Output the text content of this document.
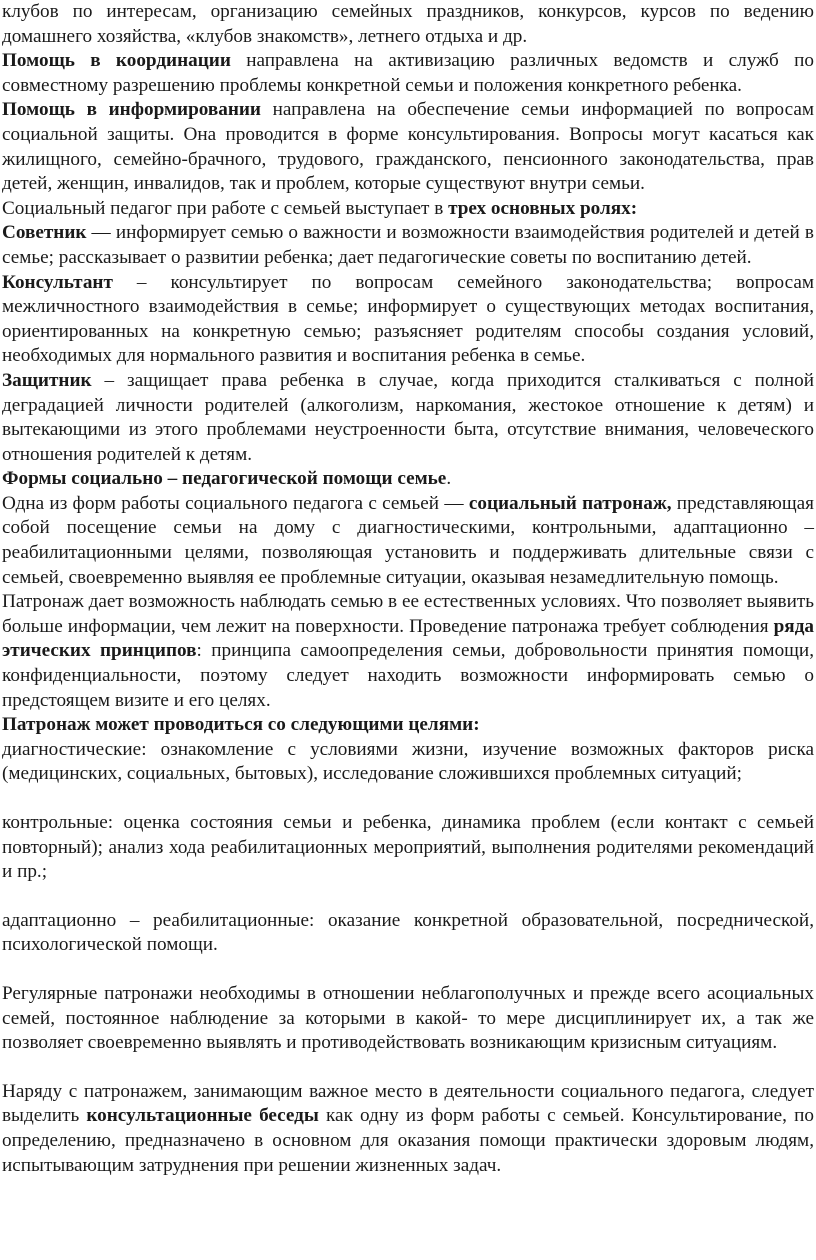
клубов по интересам, организацию семейных праздников, конкурсов, курсов по ведению домашнего хозяйства, «клубов знакомств», летнего отдыха и др.

Помощь в координации направлена на активизацию различных ведомств и служб по совместному разрешению проблемы конкретной семьи и положения конкретного ребенка.

Помощь в информировании направлена на обеспечение семьи информацией по вопросам социальной защиты. Она проводится в форме консультирования. Вопросы могут касаться как жилищного, семейно-брачного, трудового, гражданского, пенсионного законодательства, прав детей, женщин, инвалидов, так и проблем, которые существуют внутри семьи.

Социальный педагог при работе с семьей выступает в трех основных ролях:

Советник — информирует семью о важности и возможности взаимодействия родителей и детей в семье; рассказывает о развитии ребенка; дает педагогические советы по воспитанию детей.

Консультант – консультирует по вопросам семейного законодательства; вопросам межличностного взаимодействия в семье; информирует о существующих методах воспитания, ориентированных на конкретную семью; разъясняет родителям способы создания условий, необходимых для нормального развития и воспитания ребенка в семье.

Защитник – защищает права ребенка в случае, когда приходится сталкиваться с полной деградацией личности родителей (алкоголизм, наркомания, жестокое отношение к детям) и вытекающими из этого проблемами неустроенности быта, отсутствие внимания, человеческого отношения родителей к детям.

Формы социально – педагогической помощи семье.

Одна из форм работы социального педагога с семьей — социальный патронаж, представляющая собой посещение семьи на дому с диагностическими, контрольными, адаптационно – реабилитационными целями, позволяющая установить и поддерживать длительные связи с семьей, своевременно выявляя ее проблемные ситуации, оказывая незамедлительную помощь.

Патронаж дает возможность наблюдать семью в ее естественных условиях. Что позволяет выявить больше информации, чем лежит на поверхности. Проведение патронажа требует соблюдения ряда этических принципов: принципа самоопределения семьи, добровольности принятия помощи, конфиденциальности, поэтому следует находить возможности информировать семью о предстоящем визите и его целях.

Патронаж может проводиться со следующими целями:

диагностические: ознакомление с условиями жизни, изучение возможных факторов риска (медицинских, социальных, бытовых), исследование сложившихся проблемных ситуаций;

контрольные: оценка состояния семьи и ребенка, динамика проблем (если контакт с семьей повторный); анализ хода реабилитационных мероприятий, выполнения родителями рекомендаций и пр.;

адаптационно – реабилитационные: оказание конкретной образовательной, посреднической, психологической помощи.

Регулярные патронажи необходимы в отношении неблагополучных и прежде всего асоциальных семей, постоянное наблюдение за которыми в какой- то мере дисциплинирует их, а так же позволяет своевременно выявлять и противодействовать возникающим кризисным ситуациям.

Наряду с патронажем, занимающим важное место в деятельности социального педагога, следует выделить консультационные беседы как одну из форм работы с семьей. Консультирование, по определению, предназначено в основном для оказания помощи практически здоровым людям, испытывающим затруднения при решении жизненных задач.
